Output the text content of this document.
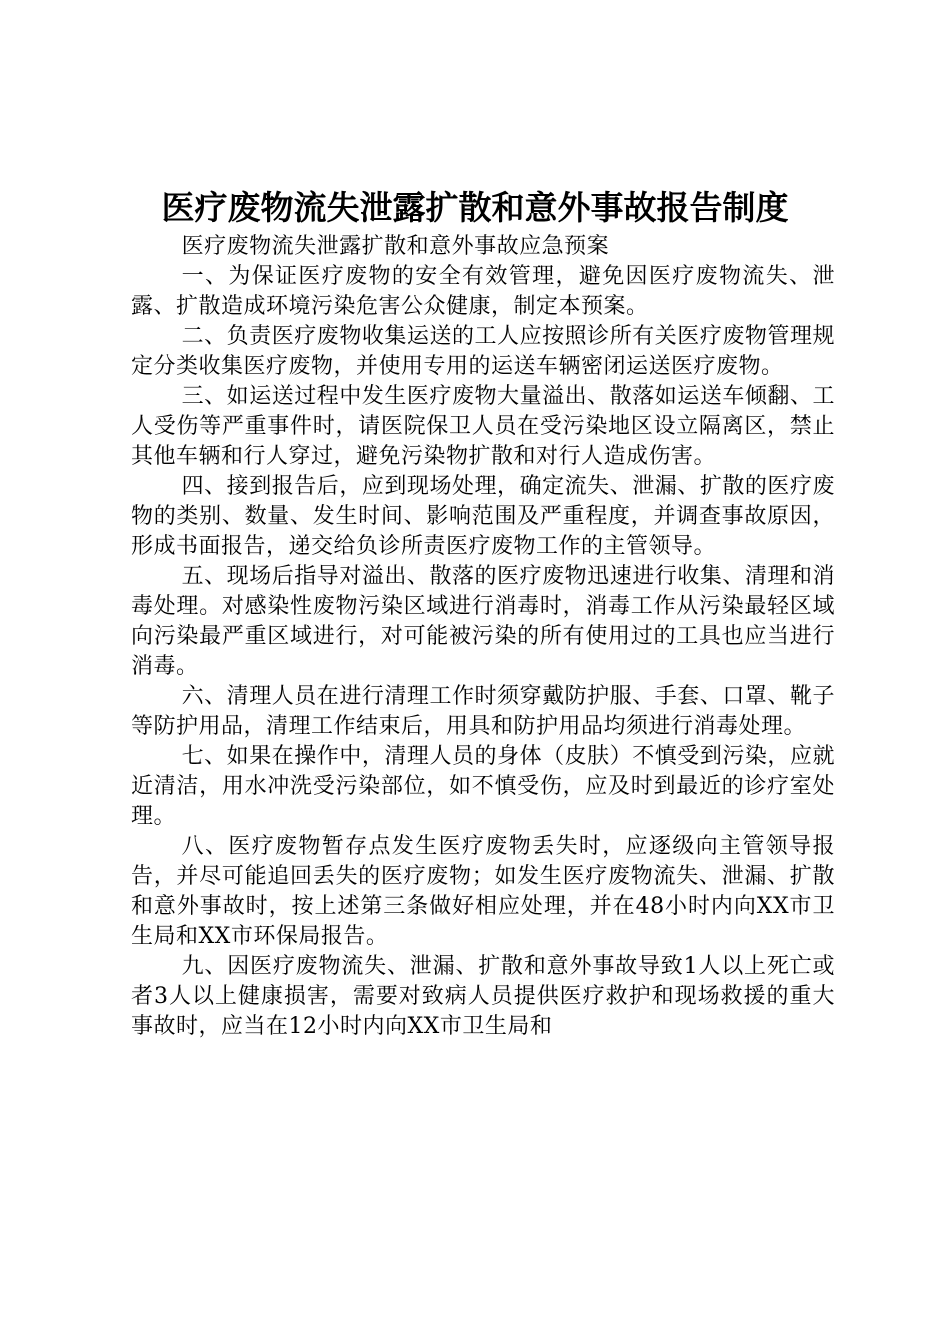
医疗废物流失泄露扩散和意外事故报告制度

医疗废物流失泄露扩散和意外事故应急预案

一、为保证医疗废物的安全有效管理，避免因医疗废物流失、泄露、扩散造成环境污染危害公众健康，制定本预案。

二、负责医疗废物收集运送的工人应按照诊所有关医疗废物管理规定分类收集医疗废物，并使用专用的运送车辆密闭运送医疗废物。

三、如运送过程中发生医疗废物大量溢出、散落如运送车倾翻、工人受伤等严重事件时，请医院保卫人员在受污染地区设立隔离区，禁止其他车辆和行人穿过，避免污染物扩散和对行人造成伤害。

四、接到报告后，应到现场处理，确定流失、泄漏、扩散的医疗废物的类别、数量、发生时间、影响范围及严重程度，并调查事故原因，形成书面报告，递交给负诊所责医疗废物工作的主管领导。

五、现场后指导对溢出、散落的医疗废物迅速进行收集、清理和消毒处理。对感染性废物污染区域进行消毒时，消毒工作从污染最轻区域向污染最严重区域进行，对可能被污染的所有使用过的工具也应当进行消毒。

六、清理人员在进行清理工作时须穿戴防护服、手套、口罩、靴子等防护用品，清理工作结束后，用具和防护用品均须进行消毒处理。

七、如果在操作中，清理人员的身体（皮肤）不慎受到污染，应就近清洁，用水冲洗受污染部位，如不慎受伤，应及时到最近的诊疗室处理。

八、医疗废物暂存点发生医疗废物丢失时，应逐级向主管领导报告，并尽可能追回丢失的医疗废物；如发生医疗废物流失、泄漏、扩散和意外事故时，按上述第三条做好相应处理，并在48小时内向XX市卫生局和XX市环保局报告。

九、因医疗废物流失、泄漏、扩散和意外事故导致1人以上死亡或者3人以上健康损害，需要对致病人员提供医疗救护和现场救援的重大事故时，应当在12小时内向XX市卫生局和
